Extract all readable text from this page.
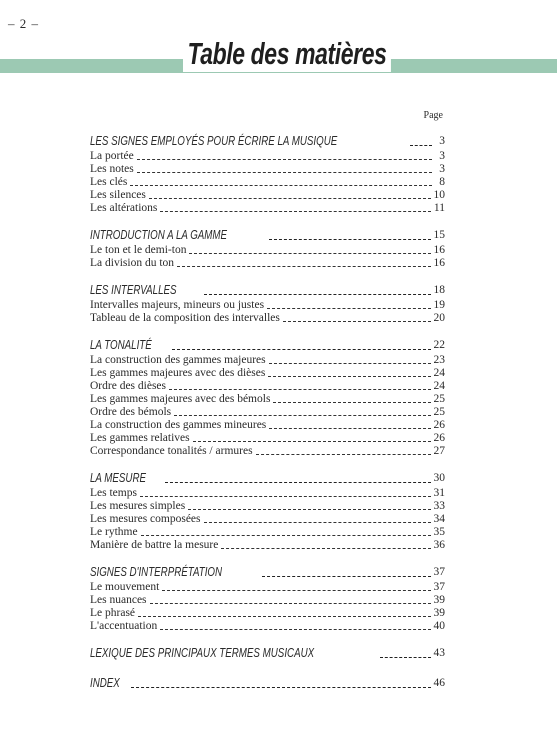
– 2 –
Table des matières
Page
LES SIGNES EMPLOYÉS POUR ÉCRIRE LA MUSIQUE	3
La portée	3
Les notes	3
Les clés	8
Les silences	10
Les altérations	11
INTRODUCTION A LA GAMME	15
Le ton et le demi-ton	16
La division du ton	16
LES INTERVALLES	18
Intervalles majeurs, mineurs ou justes	19
Tableau de la composition des intervalles	20
LA TONALITÉ	22
La construction des gammes majeures	23
Les gammes majeures avec des dièses	24
Ordre des dièses	24
Les gammes majeures avec des bémols	25
Ordre des bémols	25
La construction des gammes mineures	26
Les gammes relatives	26
Correspondance tonalités / armures	27
LA MESURE	30
Les temps	31
Les mesures simples	33
Les mesures composées	34
Le rythme	35
Manière de battre la mesure	36
SIGNES D'INTERPRÉTATION	37
Le mouvement	37
Les nuances	39
Le phrasé	39
L'accentuation	40
LEXIQUE DES PRINCIPAUX TERMES MUSICAUX	43
INDEX	46
